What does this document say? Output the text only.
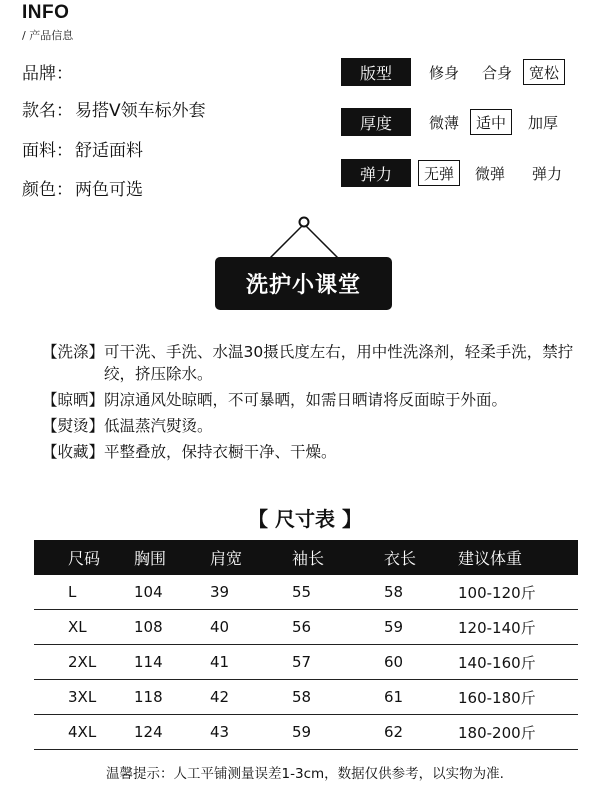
INFO
/ 产品信息
品牌：
款名： 易搭V领车标外套
面料： 舒适面料
颜色： 两色可选
版型	修身	合身	宽松
厚度	微薄	适中	加厚
弹力	无弹	微弹	弹力
洗护小课堂
【洗涤】 可干洗、手洗、水温30摄氏度左右，用中性洗涤剂，轻柔手洗，禁拧绞，挤压除水。
【晾晒】 阴凉通风处晾晒，不可暴晒，如需日晒请将反面晾于外面。
【熨烫】 低温蒸汽熨烫。
【收藏】 平整叠放，保持衣橱干净、干燥。
【 尺寸表 】
尺码	胸围	肩宽	袖长	衣长	建议体重
L	104	39	55	58	100-120斤
XL	108	40	56	59	120-140斤
2XL	114	41	57	60	140-160斤
3XL	118	42	58	61	160-180斤
4XL	124	43	59	62	180-200斤
温馨提示：人工平铺测量误差1-3cm，数据仅供参考，以实物为准.
